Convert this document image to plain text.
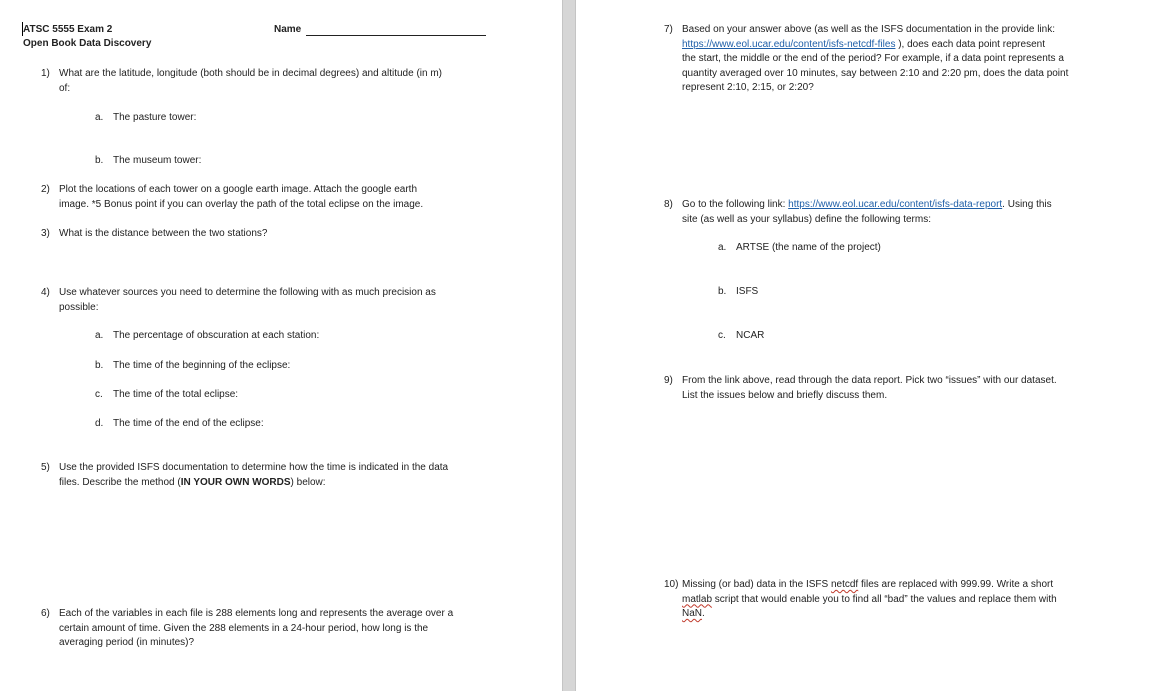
ATSC 5555 Exam 2
Open Book Data Discovery
Name
1) What are the latitude, longitude (both should be in decimal degrees) and altitude (in m)
of:
a. The pasture tower:
b. The museum tower:
2) Plot the locations of each tower on a google earth image. Attach the google earth
image. *5 Bonus point if you can overlay the path of the total eclipse on the image.
3) What is the distance between the two stations?
4) Use whatever sources you need to determine the following with as much precision as
possible:
a. The percentage of obscuration at each station:
b. The time of the beginning of the eclipse:
c. The time of the total eclipse:
d. The time of the end of the eclipse:
5) Use the provided ISFS documentation to determine how the time is indicated in the data
files. Describe the method (IN YOUR OWN WORDS) below:
6) Each of the variables in each file is 288 elements long and represents the average over a
certain amount of time. Given the 288 elements in a 24-hour period, how long is the
averaging period (in minutes)?
7) Based on your answer above (as well as the ISFS documentation in the provide link:
https://www.eol.ucar.edu/content/isfs-netcdf-files ), does each data point represent
the start, the middle or the end of the period? For example, if a data point represents a
quantity averaged over 10 minutes, say between 2:10 and 2:20 pm, does the data point
represent 2:10, 2:15, or 2:20?
8) Go to the following link: https://www.eol.ucar.edu/content/isfs-data-report. Using this
site (as well as your syllabus) define the following terms:
a. ARTSE (the name of the project)
b. ISFS
c. NCAR
9) From the link above, read through the data report. Pick two “issues” with our dataset.
List the issues below and briefly discuss them.
10) Missing (or bad) data in the ISFS netcdf files are replaced with 999.99. Write a short
matlab script that would enable you to find all “bad” the values and replace them with
NaN.
